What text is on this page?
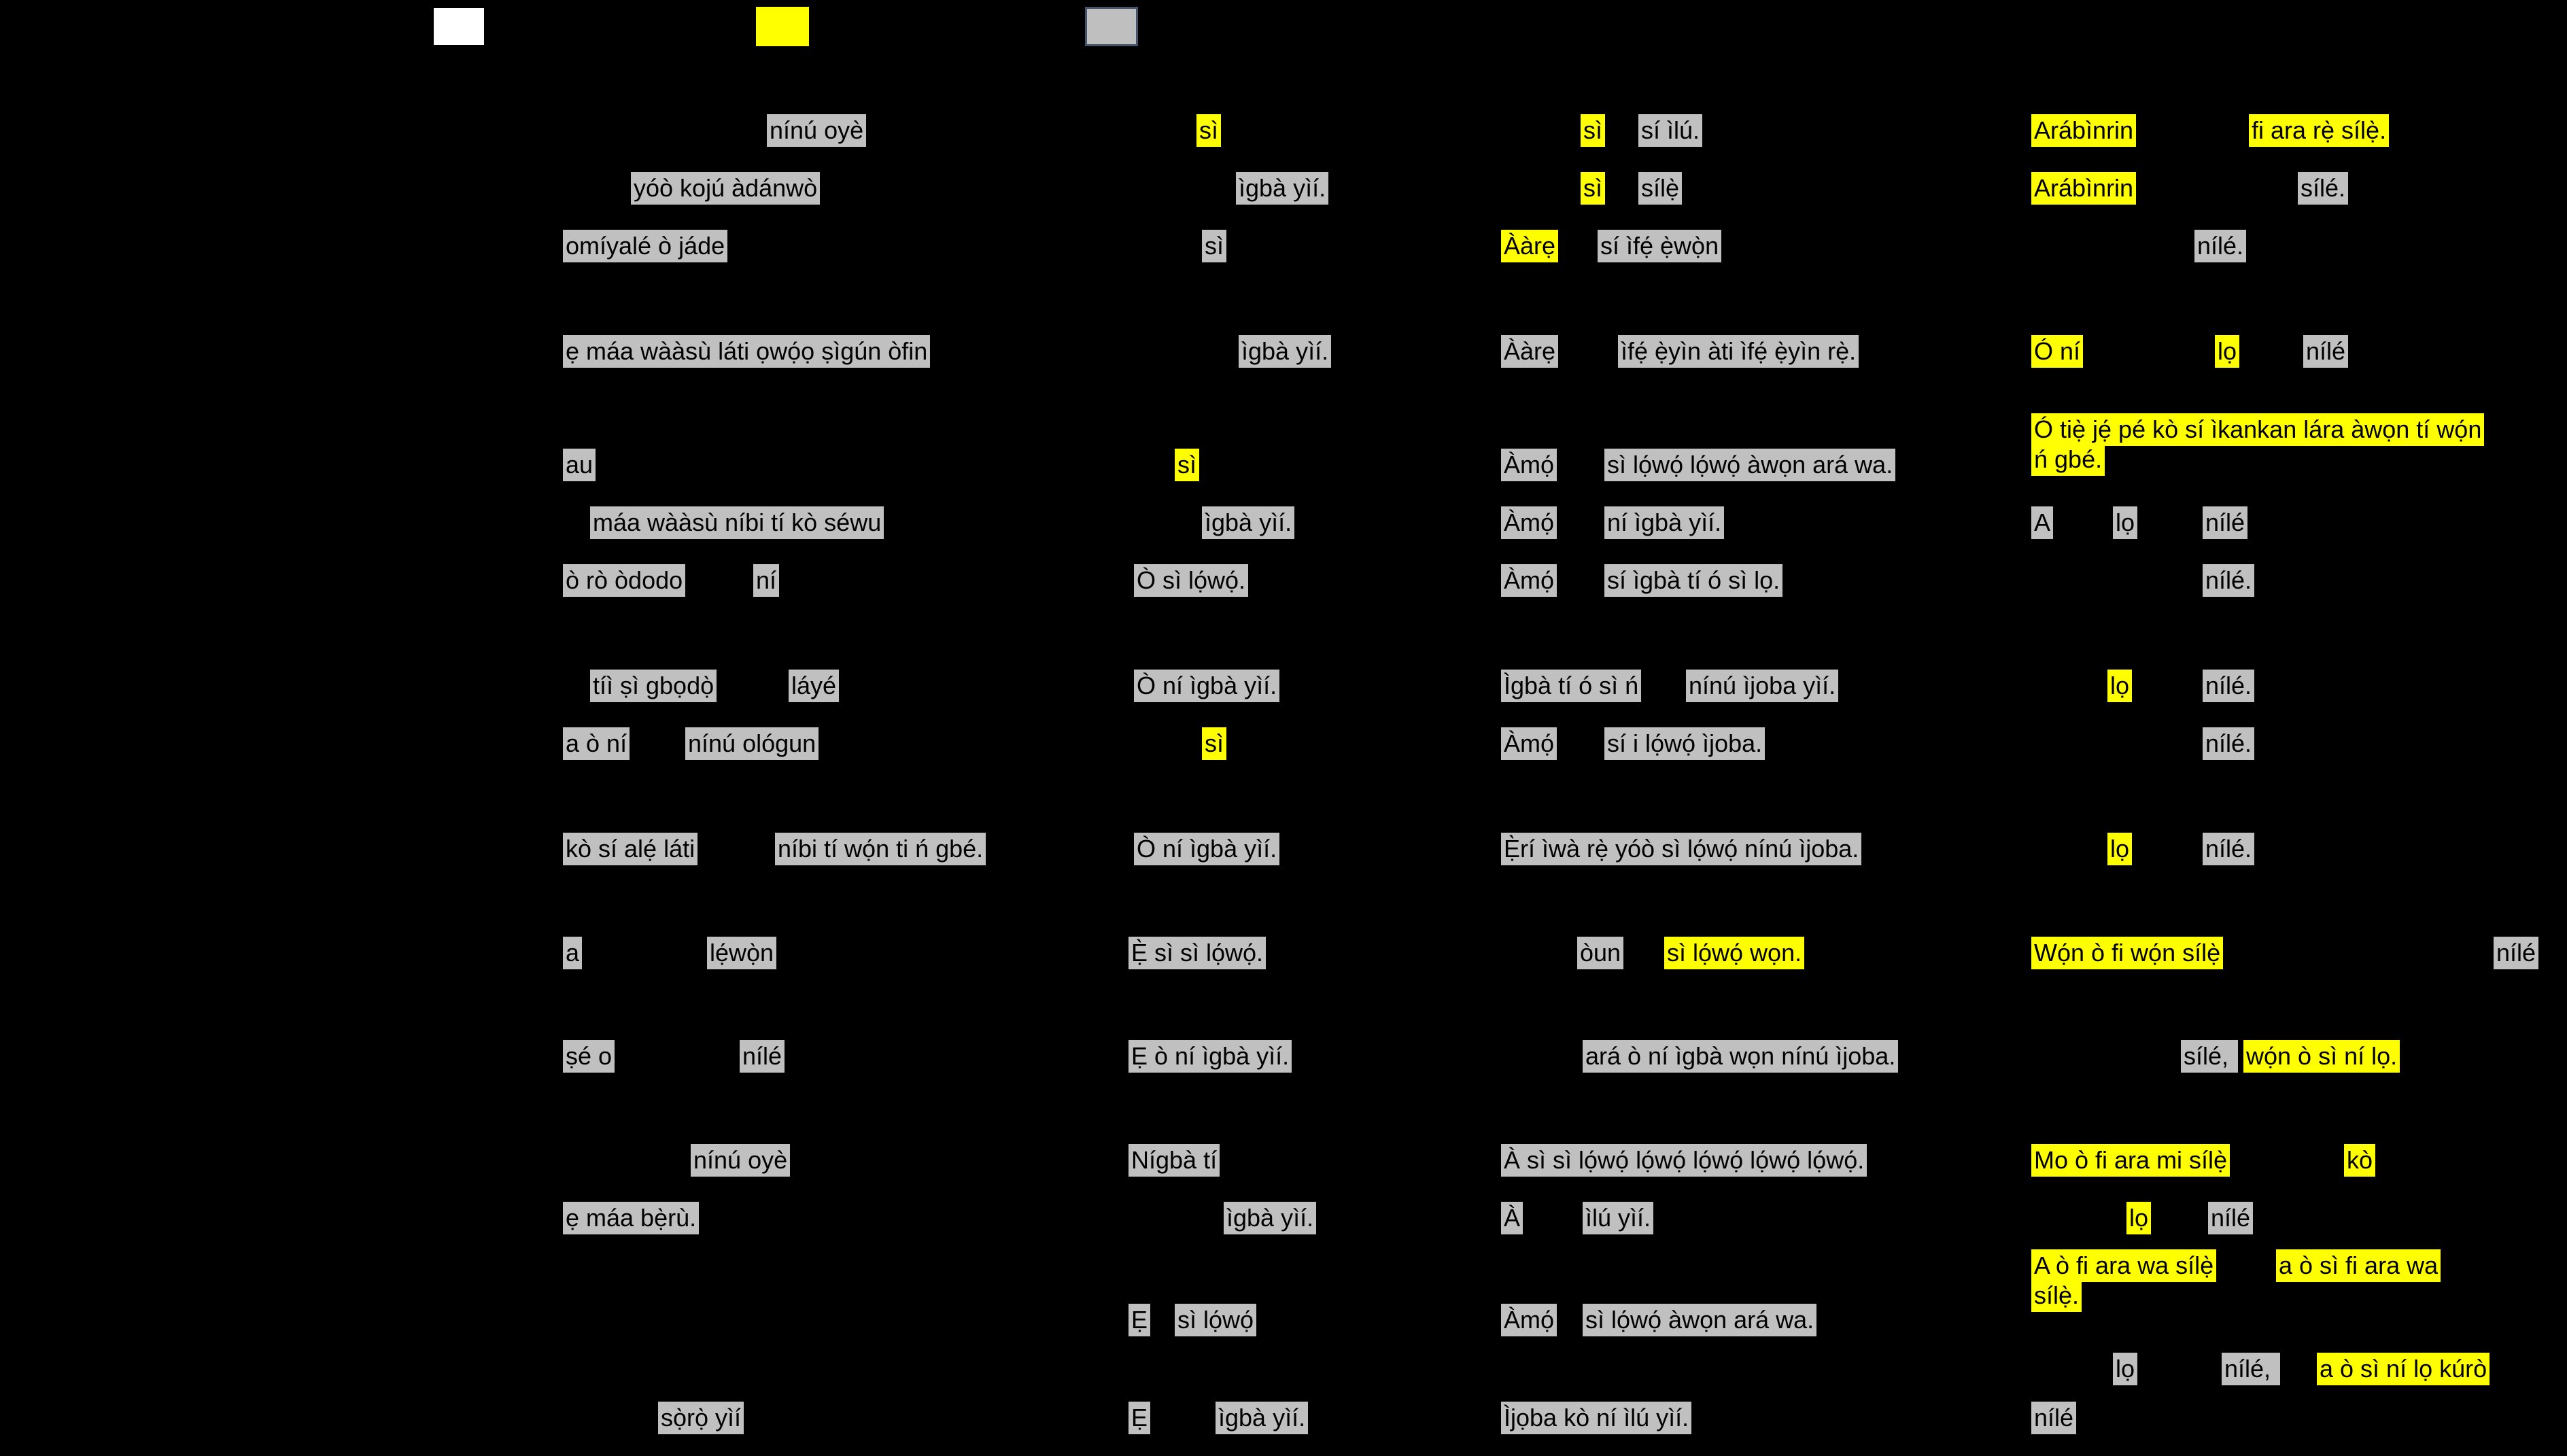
nínú oyè	sì	sì sí ìlú.	Arábìnrin	fi ara rẹ̀ sílẹ̀.
yóò kojú àdánwò	ìgbà yìí.	sì sílẹ̀	Arábìnrin	sílé.
omíyalé ò jáde	sì	Ààrẹ sí ìfẹ́ ẹ̀wọ̀n	nílé.
ẹ máa wààsù láti ọwọ́ọ ṣìgún òfin	ìgbà yìí.	Ààrẹ	ìfẹ́ ẹ̀yìn àti ìfẹ́ ẹ̀yìn rẹ̀.	Ó ní	lọ	nílé
Ó tiẹ̀ jẹ́ pé kò sí ìkankan lára àwọn tí wọ́n
ń gbé.
au	sì	Àmọ́ sì lọ́wọ́ lọ́wọ́ àwọn ará wa.
máa wààsù níbi tí kò séwu	ìgbà yìí.	Àmọ́ ní ìgbà yìí.	A	lọ	nílé
ò rò òdodo	ní	Ò sì lọ́wọ́.	Àmọ́ sí ìgbà tí ó sì lọ.	nílé.
tíì ṣì gbọdọ̀	láyé	Ò ní ìgbà yìí.	Ìgbà tí ó sì ń nínú ìjoba yìí.	lọ	nílé.
a ò ní nínú ológun	sì	Àmọ́ sí i lọ́wọ́ ìjoba.	nílé.
kò sí alẹ́ láti	níbi tí wọ́n ti ń gbé.	Ò ní ìgbà yìí.	Ẹ̀rí ìwà rẹ̀ yóò sì lọ́wọ́ nínú ìjoba.	lọ	nílé.
a	lẹ́wọ̀n	Ẹ̀ sì sì lọ́wọ́.	òun sì lọ́wọ́ wọn.	Wọ́n ò fi wọ́n sílẹ̀	nílé
ṣé o	nílé	Ẹ ò ní ìgbà yìí.	ará ò ní ìgbà wọn nínú ìjoba.	sílé, wọ́n ò sì ní lọ.
nínú oyè	Nígbà tí	À sì sì lọ́wọ́ lọ́wọ́ lọ́wọ́ lọ́wọ́ lọ́wọ́.	Mo ò fi ara mi sílẹ̀	kò
ẹ máa bẹ̀rù.	ìgbà yìí.	À	ìlú yìí.	lọ	nílé
A ò fi ara wa sílẹ̀	a ò sì fi ara wa
sílẹ̀.
Ẹ sì lọ́wọ́	Àmọ́ sì lọ́wọ́ àwọn ará wa.
lọ	nílé, a ò sì ní lọ kúrò
sọ̀rọ̀ yìí	Ẹ	ìgbà yìí.	Ìjọba kò ní ìlú yìí.	nílé
